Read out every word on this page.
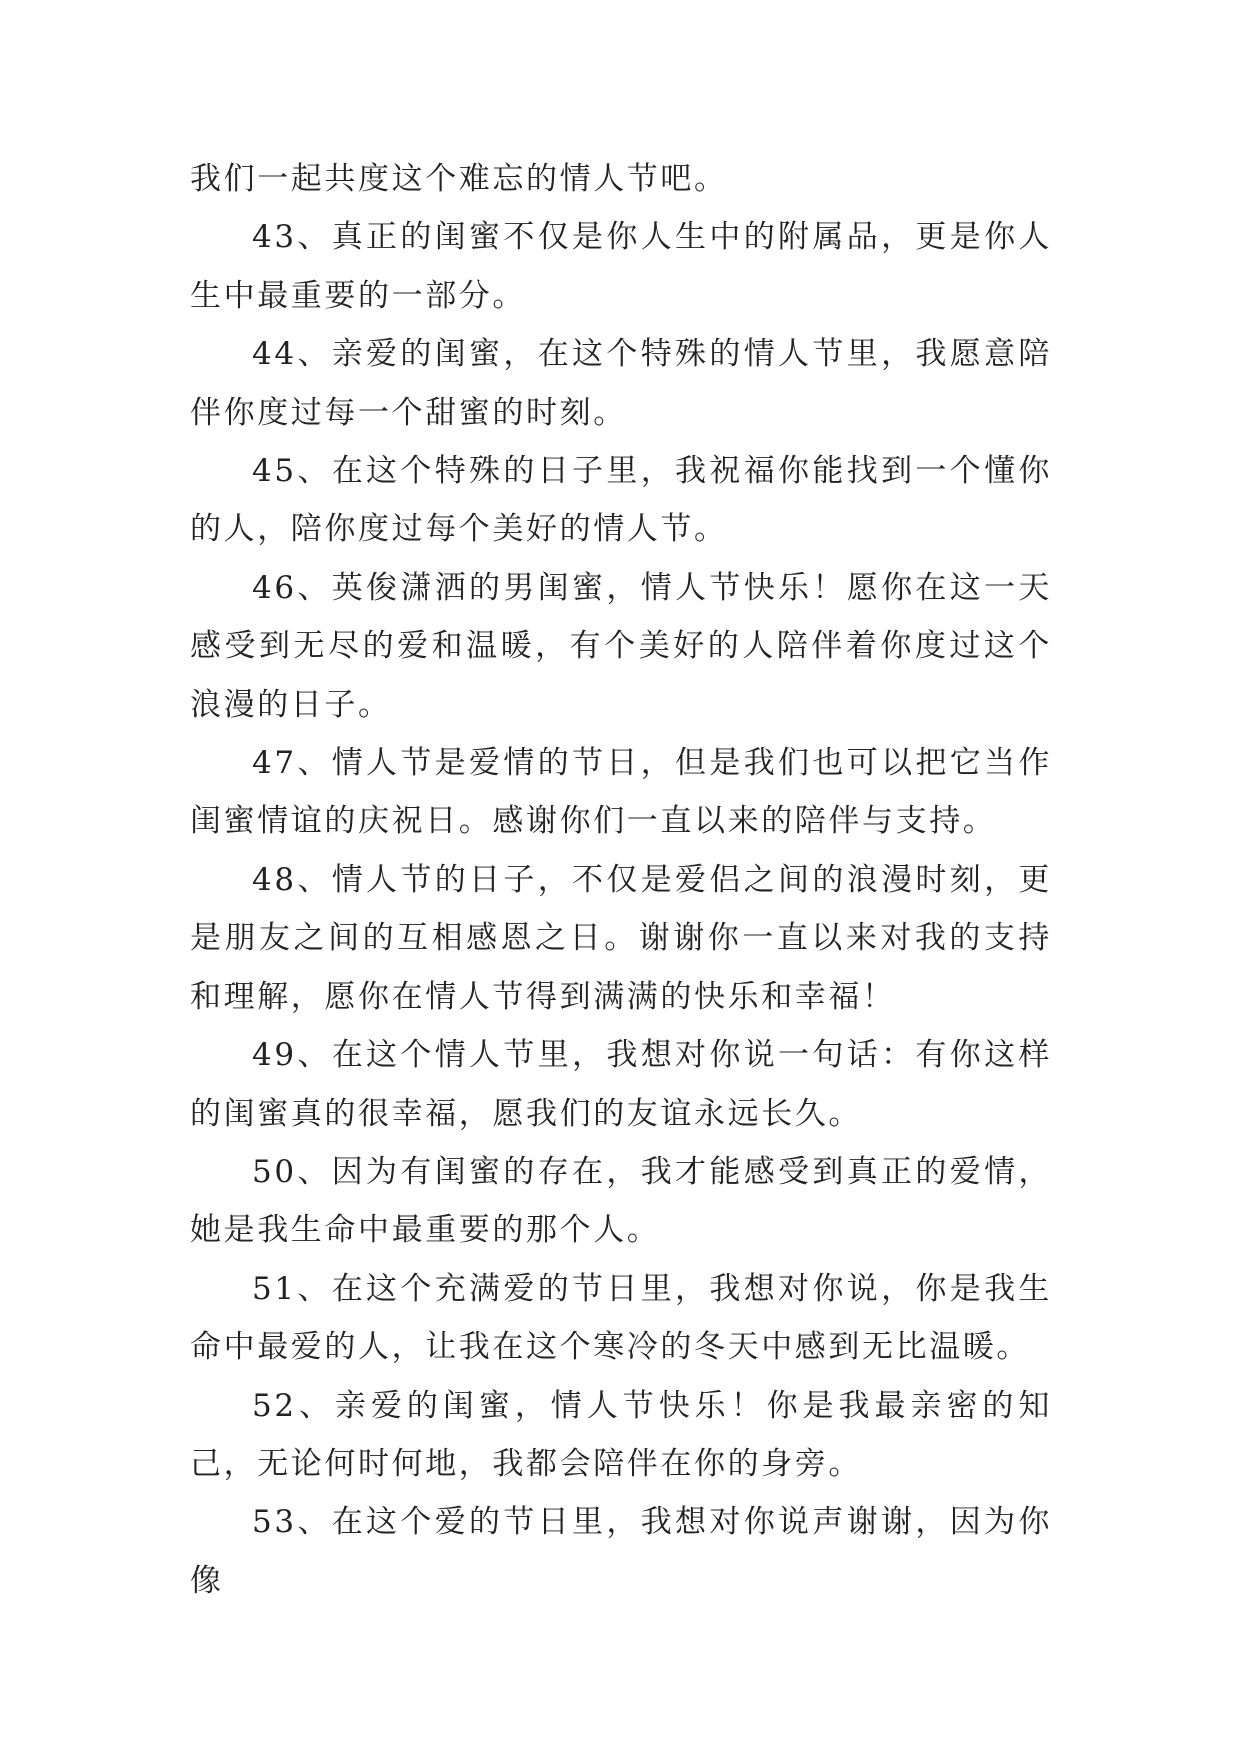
我们一起共度这个难忘的情人节吧。

43、真正的闺蜜不仅是你人生中的附属品，更是你人生中最重要的一部分。

44、亲爱的闺蜜，在这个特殊的情人节里，我愿意陪伴你度过每一个甜蜜的时刻。

45、在这个特殊的日子里，我祝福你能找到一个懂你的人，陪你度过每个美好的情人节。

46、英俊潇洒的男闺蜜，情人节快乐！愿你在这一天感受到无尽的爱和温暖，有个美好的人陪伴着你度过这个浪漫的日子。

47、情人节是爱情的节日，但是我们也可以把它当作闺蜜情谊的庆祝日。感谢你们一直以来的陪伴与支持。

48、情人节的日子，不仅是爱侣之间的浪漫时刻，更是朋友之间的互相感恩之日。谢谢你一直以来对我的支持和理解，愿你在情人节得到满满的快乐和幸福！

49、在这个情人节里，我想对你说一句话：有你这样的闺蜜真的很幸福，愿我们的友谊永远长久。

50、因为有闺蜜的存在，我才能感受到真正的爱情，她是我生命中最重要的那个人。

51、在这个充满爱的节日里，我想对你说，你是我生命中最爱的人，让我在这个寒冷的冬天中感到无比温暖。

52、亲爱的闺蜜，情人节快乐！你是我最亲密的知己，无论何时何地，我都会陪伴在你的身旁。

53、在这个爱的节日里，我想对你说声谢谢，因为你像
